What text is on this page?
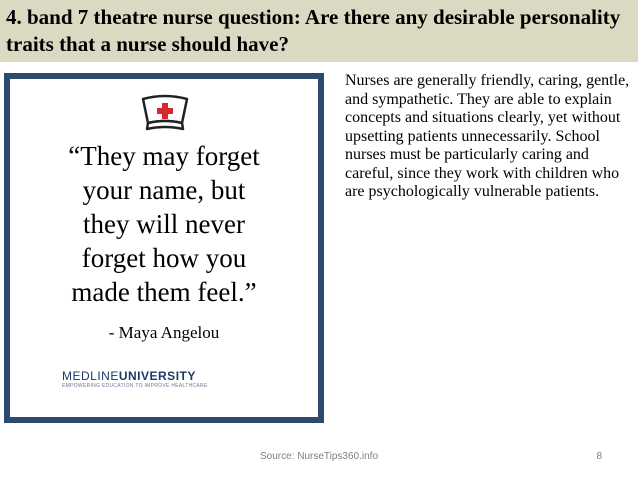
4. band 7 theatre nurse question: Are there any desirable personality traits that a nurse should have?
“They may forget
your name, but
they will never
forget how you
made them feel.”
- Maya Angelou
MEDLINEUNIVERSITY
EMPOWERING EDUCATION TO IMPROVE HEALTHCARE

Nurses are generally friendly, caring, gentle, and sympathetic. They are able to explain concepts and situations clearly, yet without upsetting patients unnecessarily. School nurses must be particularly caring and careful, since they work with children who are psychologically vulnerable patients.

Source: NurseTips360.info	8
